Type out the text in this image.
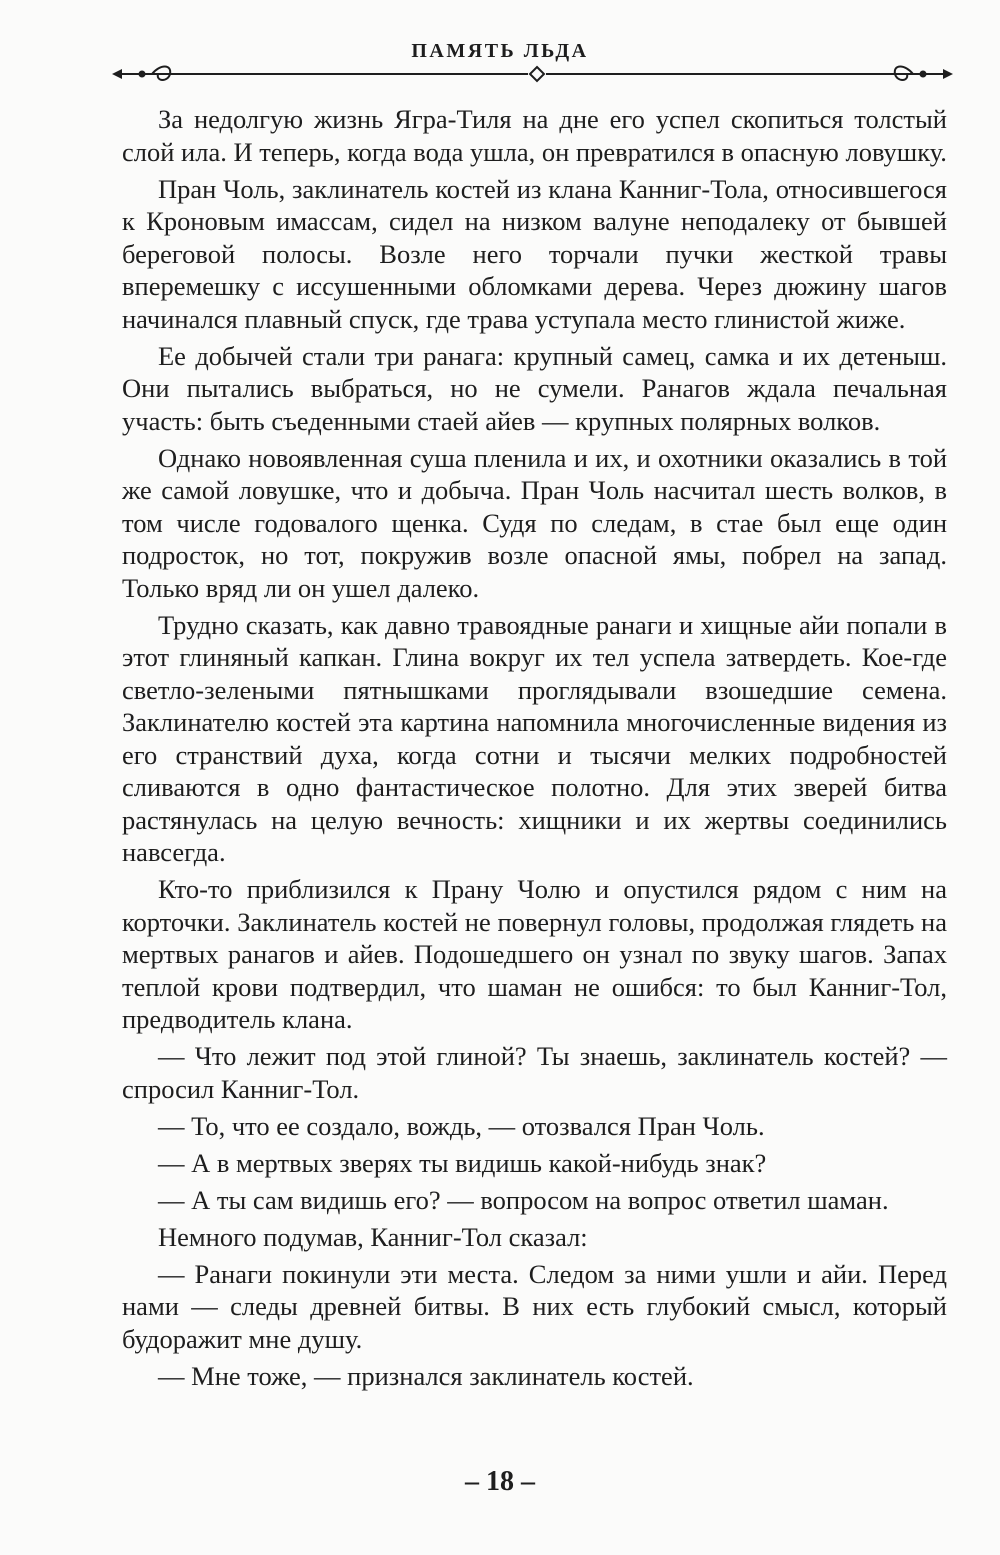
ПАМЯТЬ ЛЬДА

За недолгую жизнь Ягра-Тиля на дне его успел скопиться толстый слой ила. И теперь, когда вода ушла, он превратился в опасную ловушку.

Пран Чоль, заклинатель костей из клана Канниг-Тола, относившегося к Кроновым имассам, сидел на низком валуне неподалеку от бывшей береговой полосы. Возле него торчали пучки жесткой травы вперемешку с иссушенными обломками дерева. Через дюжину шагов начинался плавный спуск, где трава уступала место глинистой жиже.

Ее добычей стали три ранага: крупный самец, самка и их детеныш. Они пытались выбраться, но не сумели. Ранагов ждала печальная участь: быть съеденными стаей айев — крупных полярных волков.

Однако новоявленная суша пленила и их, и охотники оказались в той же самой ловушке, что и добыча. Пран Чоль насчитал шесть волков, в том числе годовалого щенка. Судя по следам, в стае был еще один подросток, но тот, покружив возле опасной ямы, побрел на запад. Только вряд ли он ушел далеко.

Трудно сказать, как давно травоядные ранаги и хищные айи попали в этот глиняный капкан. Глина вокруг их тел успела затвердеть. Кое-где светло-зелеными пятнышками проглядывали взошедшие семена. Заклинателю костей эта картина напомнила многочисленные видения из его странствий духа, когда сотни и тысячи мелких подробностей сливаются в одно фантастическое полотно. Для этих зверей битва растянулась на целую вечность: хищники и их жертвы соединились навсегда.

Кто-то приблизился к Прану Чолю и опустился рядом с ним на корточки. Заклинатель костей не повернул головы, продолжая глядеть на мертвых ранагов и айев. Подошедшего он узнал по звуку шагов. Запах теплой крови подтвердил, что шаман не ошибся: то был Канниг-Тол, предводитель клана.

— Что лежит под этой глиной? Ты знаешь, заклинатель костей? — спросил Канниг-Тол.

— То, что ее создало, вождь, — отозвался Пран Чоль.

— А в мертвых зверях ты видишь какой-нибудь знак?

— А ты сам видишь его? — вопросом на вопрос ответил шаман.

Немного подумав, Канниг-Тол сказал:

— Ранаги покинули эти места. Следом за ними ушли и айи. Перед нами — следы древней битвы. В них есть глубокий смысл, который будоражит мне душу.

— Мне тоже, — признался заклинатель костей.

– 18 –
